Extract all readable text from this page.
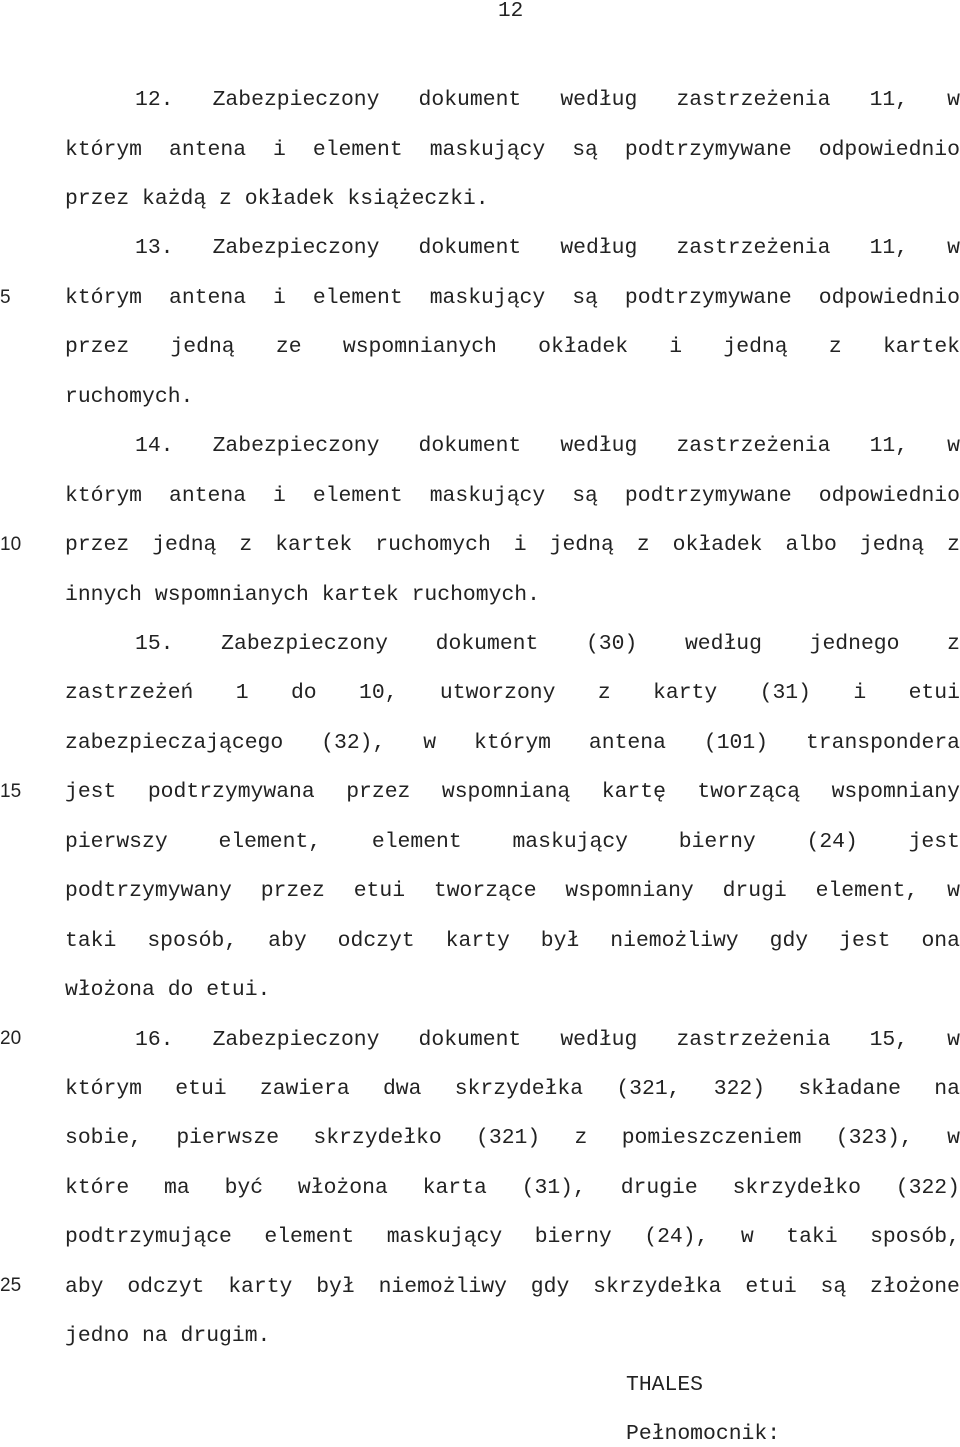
12
5
10
15
20
25
12. Zabezpieczony dokument według zastrzeżenia 11, w
którym antena i element maskujący są podtrzymywane odpowiednio
przez każdą z okładek książeczki.
13. Zabezpieczony dokument według zastrzeżenia 11, w
którym antena i element maskujący są podtrzymywane odpowiednio
przez jedną ze wspomnianych okładek i jedną z kartek
ruchomych.
14. Zabezpieczony dokument według zastrzeżenia 11, w
którym antena i element maskujący są podtrzymywane odpowiednio
przez jedną z kartek ruchomych i jedną z okładek albo jedną z
innych wspomnianych kartek ruchomych.
15. Zabezpieczony dokument (30) według jednego z
zastrzeżeń 1 do 10, utworzony z karty (31) i etui
zabezpieczającego (32), w którym antena (101) transpondera
jest podtrzymywana przez wspomnianą kartę tworzącą wspomniany
pierwszy element, element maskujący bierny (24) jest
podtrzymywany przez etui tworzące wspomniany drugi element, w
taki sposób, aby odczyt karty był niemożliwy gdy jest ona
włożona do etui.
16. Zabezpieczony dokument według zastrzeżenia 15, w
którym etui zawiera dwa skrzydełka (321, 322) składane na
sobie, pierwsze skrzydełko (321) z pomieszczeniem (323), w
które ma być włożona karta (31), drugie skrzydełko (322)
podtrzymujące element maskujący bierny (24), w taki sposób,
aby odczyt karty był niemożliwy gdy skrzydełka etui są złożone
jedno na drugim.
THALES
Pełnomocnik:
